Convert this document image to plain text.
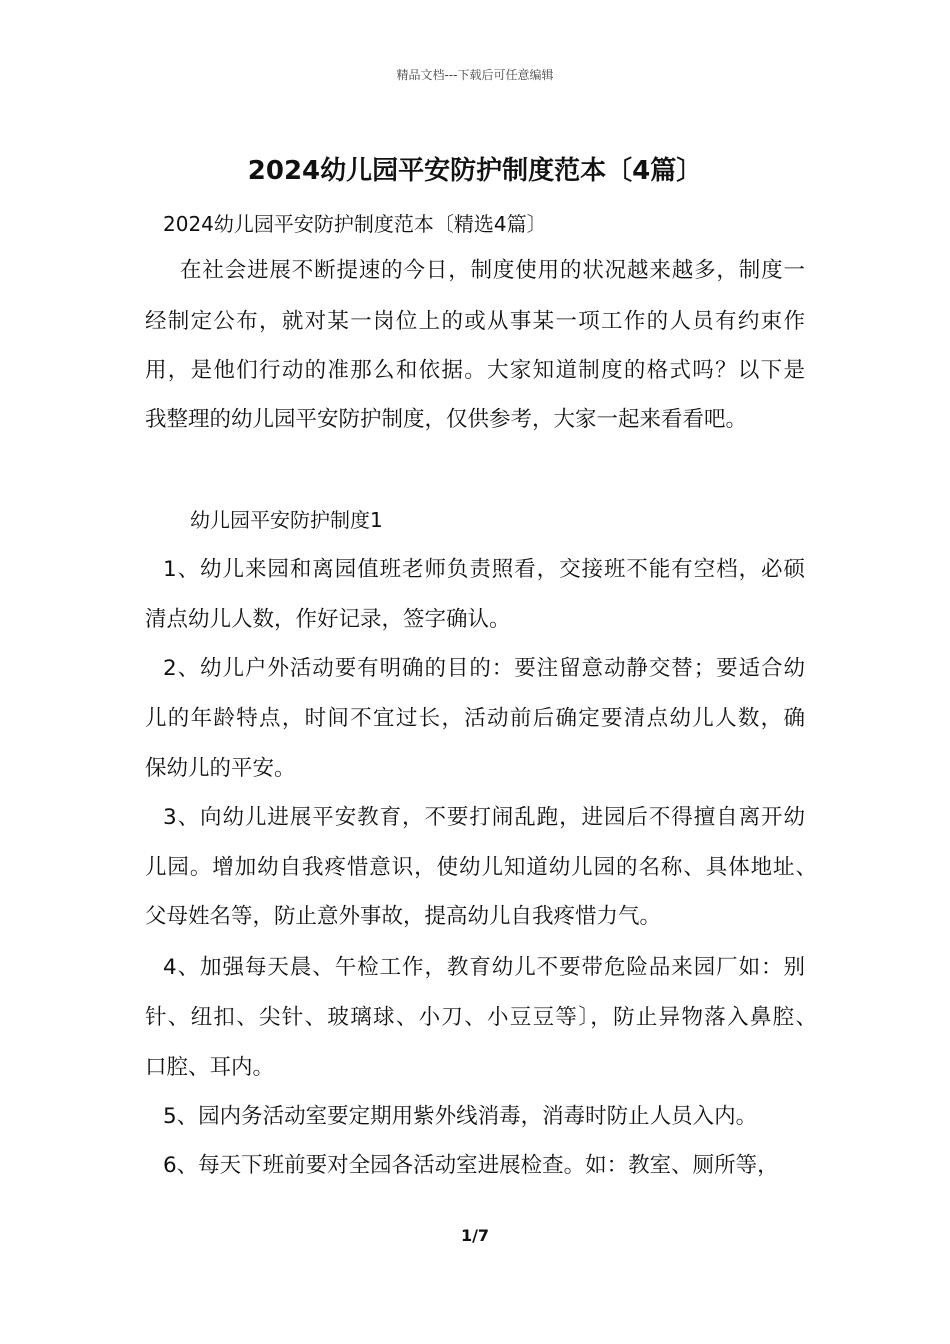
精品文档---下载后可任意编辑
2024幼儿园平安防护制度范本〔4篇〕
2024幼儿园平安防护制度范本〔精选4篇〕
在社会进展不断提速的今日，制度使用的状况越来越多，制度一
经制定公布，就对某一岗位上的或从事某一项工作的人员有约束作
用，是他们行动的准那么和依据。大家知道制度的格式吗？以下是
我整理的幼儿园平安防护制度，仅供参考，大家一起来看看吧。
幼儿园平安防护制度1
1、幼儿来园和离园值班老师负责照看，交接班不能有空档，必硕
清点幼儿人数，作好记录，签字确认。
2、幼儿户外活动要有明确的目的：要注留意动静交替；要适合幼
儿的年龄特点，时间不宜过长，活动前后确定要清点幼儿人数，确
保幼儿的平安。
3、向幼儿进展平安教育，不要打闹乱跑，进园后不得擅自离开幼
儿园。增加幼自我疼惜意识，使幼儿知道幼儿园的名称、具体地址、
父母姓名等，防止意外事故，提高幼儿自我疼惜力气。
4、加强每天晨、午检工作，教育幼儿不要带危险品来园厂如：别
针、纽扣、尖针、玻璃球、小刀、小豆豆等〕，防止异物落入鼻腔、
口腔、耳内。
5、园内务活动室要定期用紫外线消毒，消毒时防止人员入内。
6、每天下班前要对全园各活动室进展检查。如：教室、厕所等，
1/7
